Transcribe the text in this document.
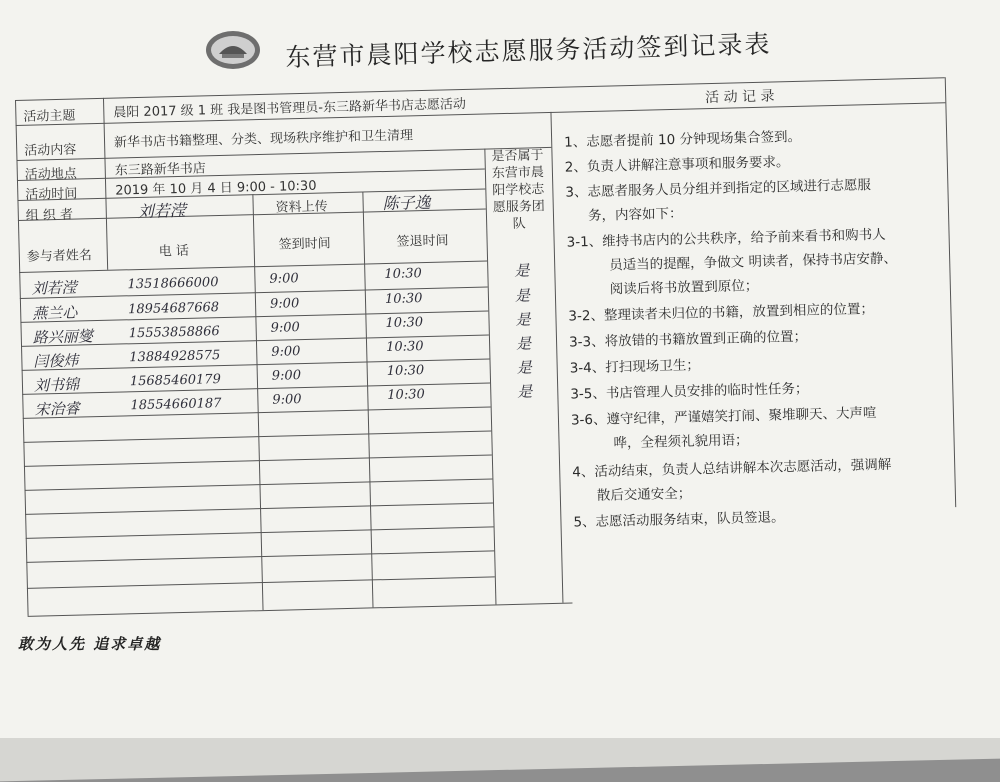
东营市晨阳学校志愿服务活动签到记录表
活动主题	晨阳 2017 级 1 班 我是图书管理员-东三路新华书店志愿活动
活动内容
新华书店书籍整理、分类、现场秩序维护和卫生清理
活动地点	东三路新华书店
活动时间	2019 年 10 月 4 日 9:00 - 10:30
组 织 者	刘若滢	资料上传	陈子逸
参与者姓名	电 话	签到时间	签退时间
是否属于东营市晨阳学校志愿服务团队
刘若滢	13518666000	9:00	10:30	是
燕兰心	18954687668	9:00	10:30	是
路兴丽燮	15553858866	9:00	10:30	是
闫俊炜	13884928575	9:00	10:30	是
刘书锦	15685460179	9:00	10:30	是
宋治睿	18554660187	9:00	10:30	是
活 动 记 录
1、志愿者提前 10 分钟现场集合签到。
2、负责人讲解注意事项和服务要求。
3、志愿者服务人员分组并到指定的区域进行志愿服
务，内容如下：
3-1、维持书店内的公共秩序，给予前来看书和购书人
员适当的提醒，争做文 明读者，保持书店安静、
阅读后将书放置到原位；
3-2、整理读者未归位的书籍，放置到相应的位置；
3-3、将放错的书籍放置到正确的位置；
3-4、打扫现场卫生；
3-5、书店管理人员安排的临时性任务；
3-6、遵守纪律，严谨嬉笑打闹、聚堆聊天、大声喧
哗，全程须礼貌用语；
4、活动结束，负责人总结讲解本次志愿活动，强调解
散后交通安全；
5、志愿活动服务结束，队员签退。
敢为人先 追求卓越
